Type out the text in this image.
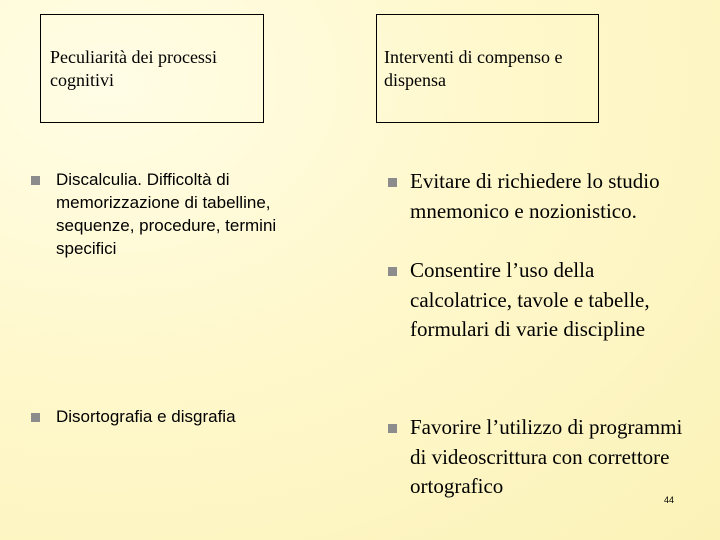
Peculiarità dei processi cognitivi
Interventi di compenso e dispensa
Discalculia. Difficoltà di memorizzazione di tabelline, sequenze, procedure, termini specifici
Disortografia e disgrafia
Evitare di richiedere lo studio mnemonico e nozionistico.
Consentire l’uso della calcolatrice, tavole e tabelle, formulari di varie discipline
Favorire l’utilizzo di programmi di videoscrittura con correttore ortografico
44
